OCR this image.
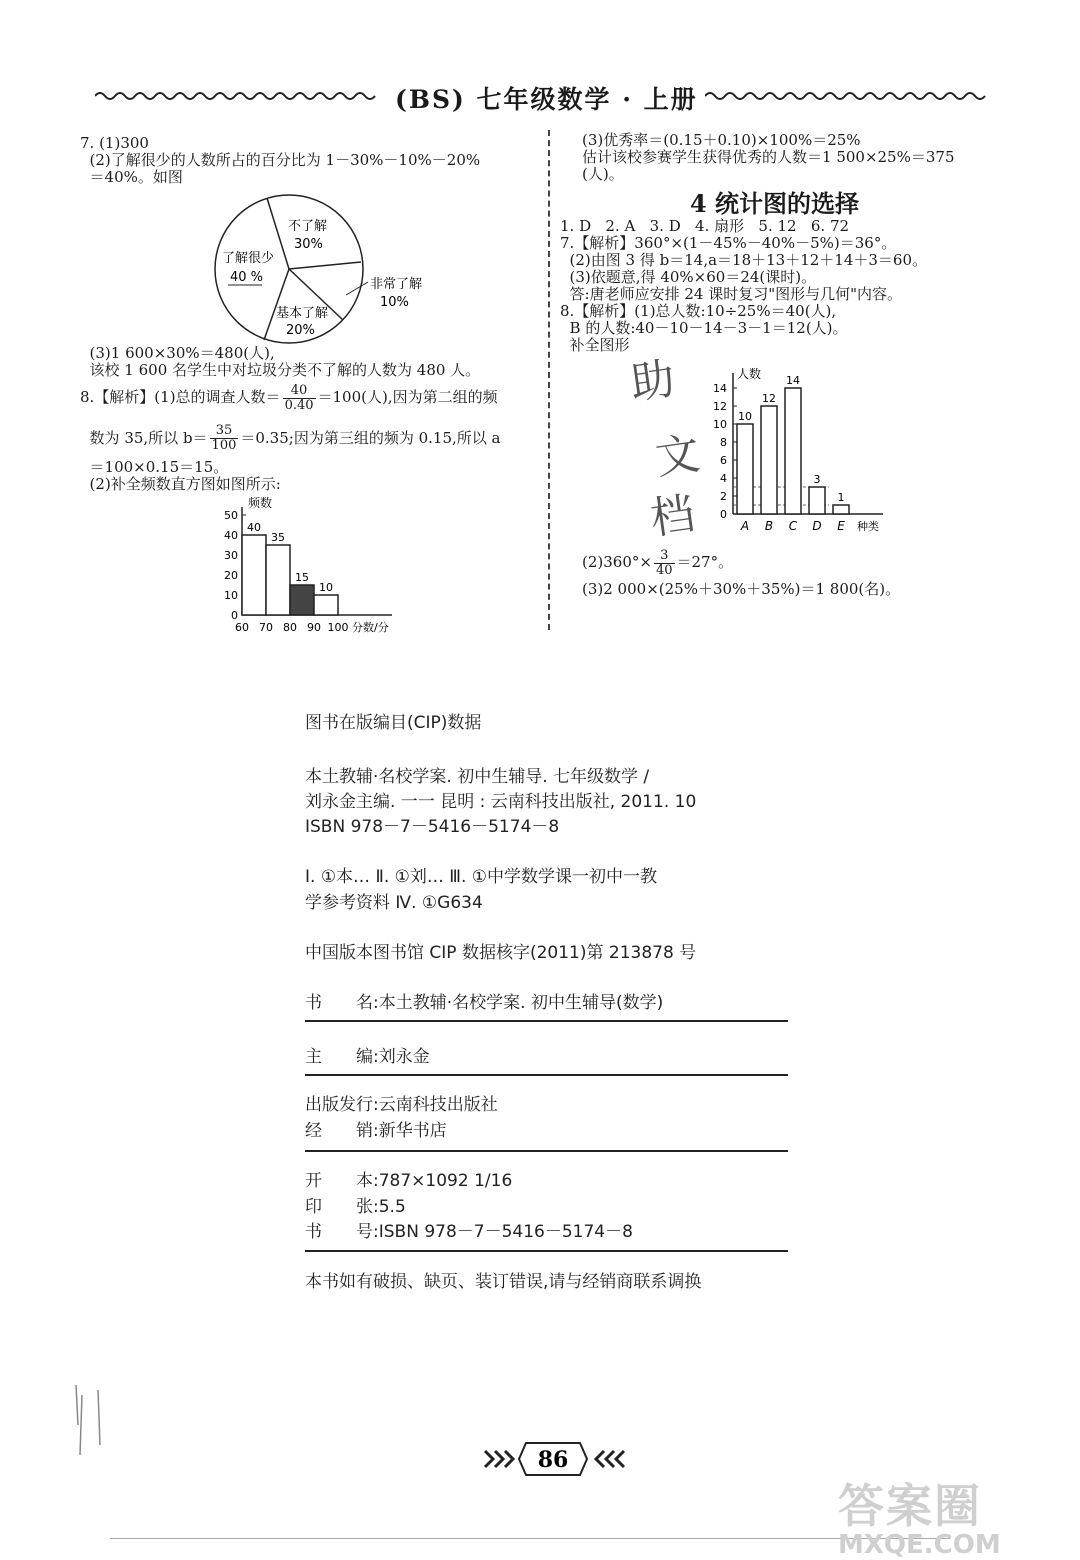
(BS) 七年级数学 · 上册

7. (1)300

(2)了解很少的人数所占的百分比为 1－30%－10%－20%

＝40%。如图

不了解
30%
非常了解
10%
基本了解
20%
了解很少
40 %

(3)1 600×30%＝480(人),

该校 1 600 名学生中对垃圾分类不了解的人数为 480 人。

8.【解析】(1)总的调查人数＝ $\frac{40}{0.40} =100$(人),因为第二组的频

数为 35,所以 $b= \frac{35}{100} =0.35$;因为第三组的频为 0.15,所以 a

＝100×0.15＝15。

(2)补全频数直方图如图所示:

频数
0
10
20
30
40
50
40
35
15
10
60 70 80 90 100 分数/分

(3)优秀率＝(0.15＋0.10)×100%＝25%

估计该校参赛学生获得优秀的人数＝1 500×25%＝375

(人)。

4 统计图的选择

1. D   2. A   3. D   4. 扇形   5. 12   6. 72

7.【解析】360°×(1－45%－40%－5%)＝36°。

(2)由图 3 得 b＝14,a＝18＋13＋12＋14＋3＝60。

(3)依题意,得 40%×60＝24(课时)。

答:唐老师应安排 24 课时复习"图形与几何"内容。

8.【解析】(1)总人数:10÷25%＝40(人),

B 的人数:40－10－14－3－1＝12(人)。

补全图形

助
文
档
人数
0
2
4
6
8
10
12
14
10
A
12
B
14
C
3
D
1
E 种类

$(2)360^\circ\times \frac{3}{40} =27^\circ$。

(3)2 000×(25%＋30%＋35%)＝1 800(名)。

图书在版编目(CIP)数据
本土教辅·名校学案. 初中生辅导. 七年级数学 /
刘永金主编. 一一 昆明 : 云南科技出版社, 2011. 10
ISBN 978－7－5416－5174－8
Ⅰ. ①本… Ⅱ. ①刘… Ⅲ. ①中学数学课一初中一教
学参考资料 Ⅳ. ①G634
中国版本图书馆 CIP 数据核字(2011)第 213878 号
书　　名:本土教辅·名校学案. 初中生辅导(数学)
主　　编:刘永金
出版发行:云南科技出版社
经　　销:新华书店
开　　本:787×1092 1/16
印　　张:5.5
书　　号:ISBN 978－7－5416－5174－8
本书如有破损、缺页、装订错误,请与经销商联系调换
86
答案圈
MXQE.COM
